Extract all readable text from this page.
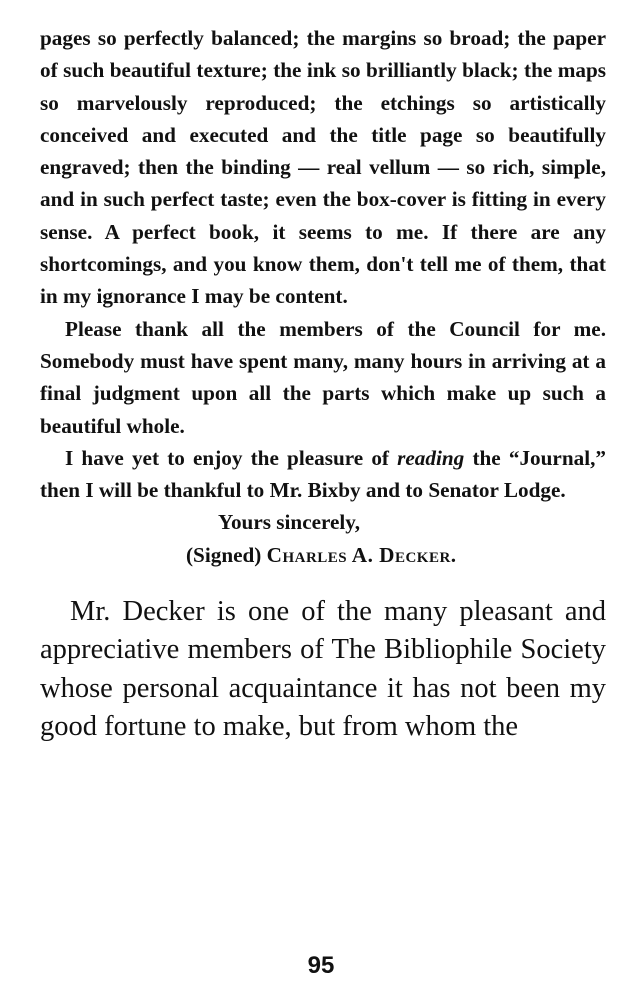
pages so perfectly balanced; the margins so broad; the paper of such beautiful texture; the ink so brilliantly black; the maps so marvelously reproduced; the etchings so artistically conceived and executed and the title page so beautifully engraved; then the binding — real vellum — so rich, simple, and in such perfect taste; even the box-cover is fitting in every sense. A perfect book, it seems to me. If there are any shortcomings, and you know them, don't tell me of them, that in my ignorance I may be content.

Please thank all the members of the Council for me. Somebody must have spent many, many hours in arriving at a final judgment upon all the parts which make up such a beautiful whole.

I have yet to enjoy the pleasure of reading the “Journal,” then I will be thankful to Mr. Bixby and to Senator Lodge.

Yours sincerely,
(Signed) Charles A. Decker.

Mr. Decker is one of the many pleasant and appreciative members of The Bibliophile Society whose personal acquaintance it has not been my good fortune to make, but from whom the

95
